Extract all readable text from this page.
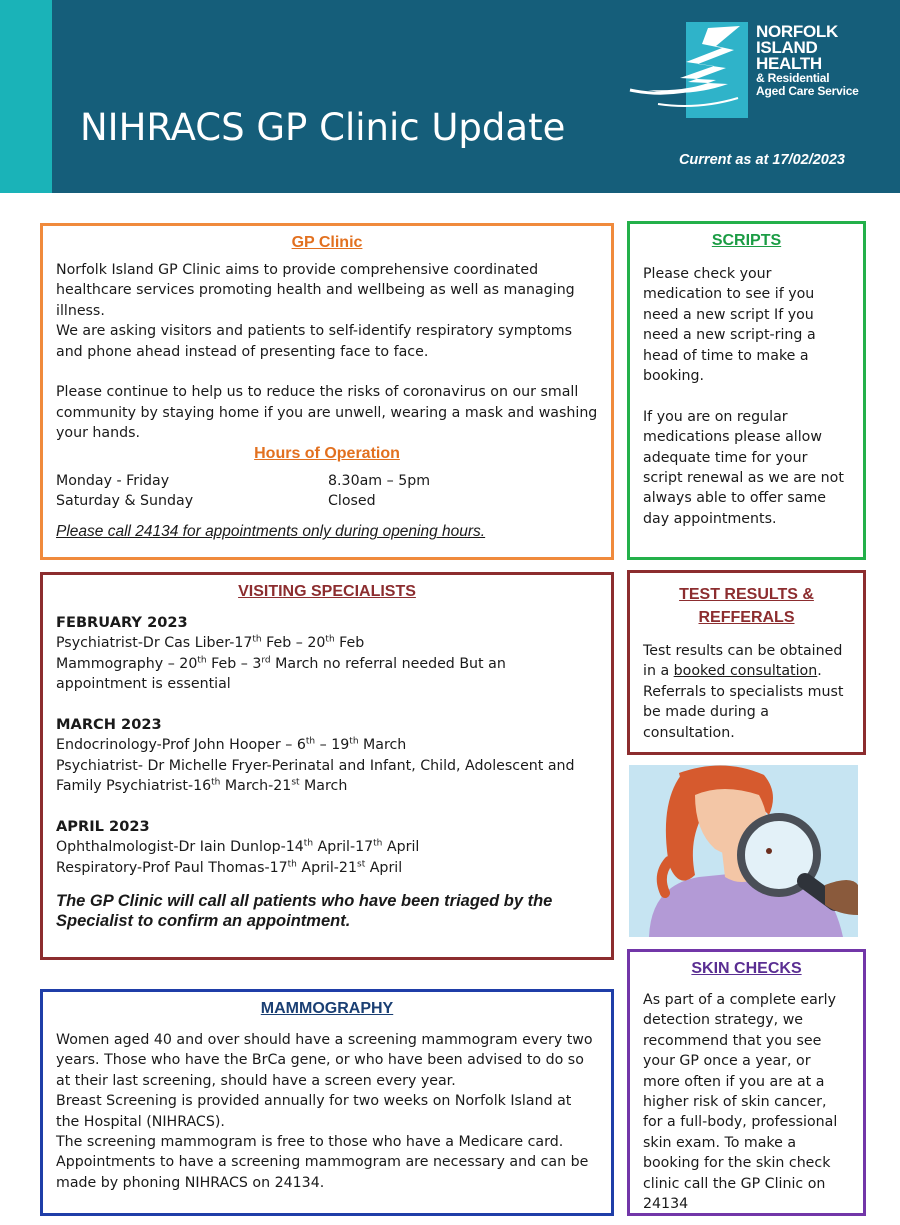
NIHRACS GP Clinic Update
Current as at 17/02/2023
NORFOLK
ISLAND
HEALTH
& Residential
Aged Care Service
GP Clinic
Norfolk Island GP Clinic aims to provide comprehensive coordinated healthcare services promoting health and wellbeing as well as managing illness.
We are asking visitors and patients to self-identify respiratory symptoms and phone ahead instead of presenting face to face.
Please continue to help us to reduce the risks of coronavirus on our small community by staying home if you are unwell, wearing a mask and washing your hands.
Hours of Operation
Monday - Friday	8.30am – 5pm
Saturday & Sunday	Closed
Please call 24134 for appointments only during opening hours.
SCRIPTS
Please check your medication to see if you need a new script If you need a new script-ring a head of time to make a booking.
If you are on regular medications please allow adequate time for your script renewal as we are not always able to offer same day appointments.
VISITING SPECIALISTS
FEBRUARY 2023
Psychiatrist-Dr Cas Liber-17th Feb – 20th Feb
Mammography – 20th Feb – 3rd March no referral needed But an appointment is essential
MARCH 2023
Endocrinology-Prof John Hooper – 6th – 19th March
Psychiatrist- Dr Michelle Fryer-Perinatal and Infant, Child, Adolescent and Family Psychiatrist-16th March-21st March
APRIL 2023
Ophthalmologist-Dr Iain Dunlop-14th April-17th April
Respiratory-Prof Paul Thomas-17th April-21st April
The GP Clinic will call all patients who have been triaged by the Specialist to confirm an appointment.
TEST RESULTS &
REFFERALS
Test results can be obtained in a booked consultation. Referrals to specialists must be made during a consultation.
MAMMOGRAPHY
Women aged 40 and over should have a screening mammogram every two years. Those who have the BrCa gene, or who have been advised to do so at their last screening, should have a screen every year.
Breast Screening is provided annually for two weeks on Norfolk Island at the Hospital (NIHRACS).
The screening mammogram is free to those who have a Medicare card.
Appointments to have a screening mammogram are necessary and can be made by phoning NIHRACS on 24134.
SKIN CHECKS
As part of a complete early detection strategy, we recommend that you see your GP once a year, or more often if you are at a higher risk of skin cancer, for a full-body, professional skin exam. To make a booking for the skin check clinic call the GP Clinic on 24134
